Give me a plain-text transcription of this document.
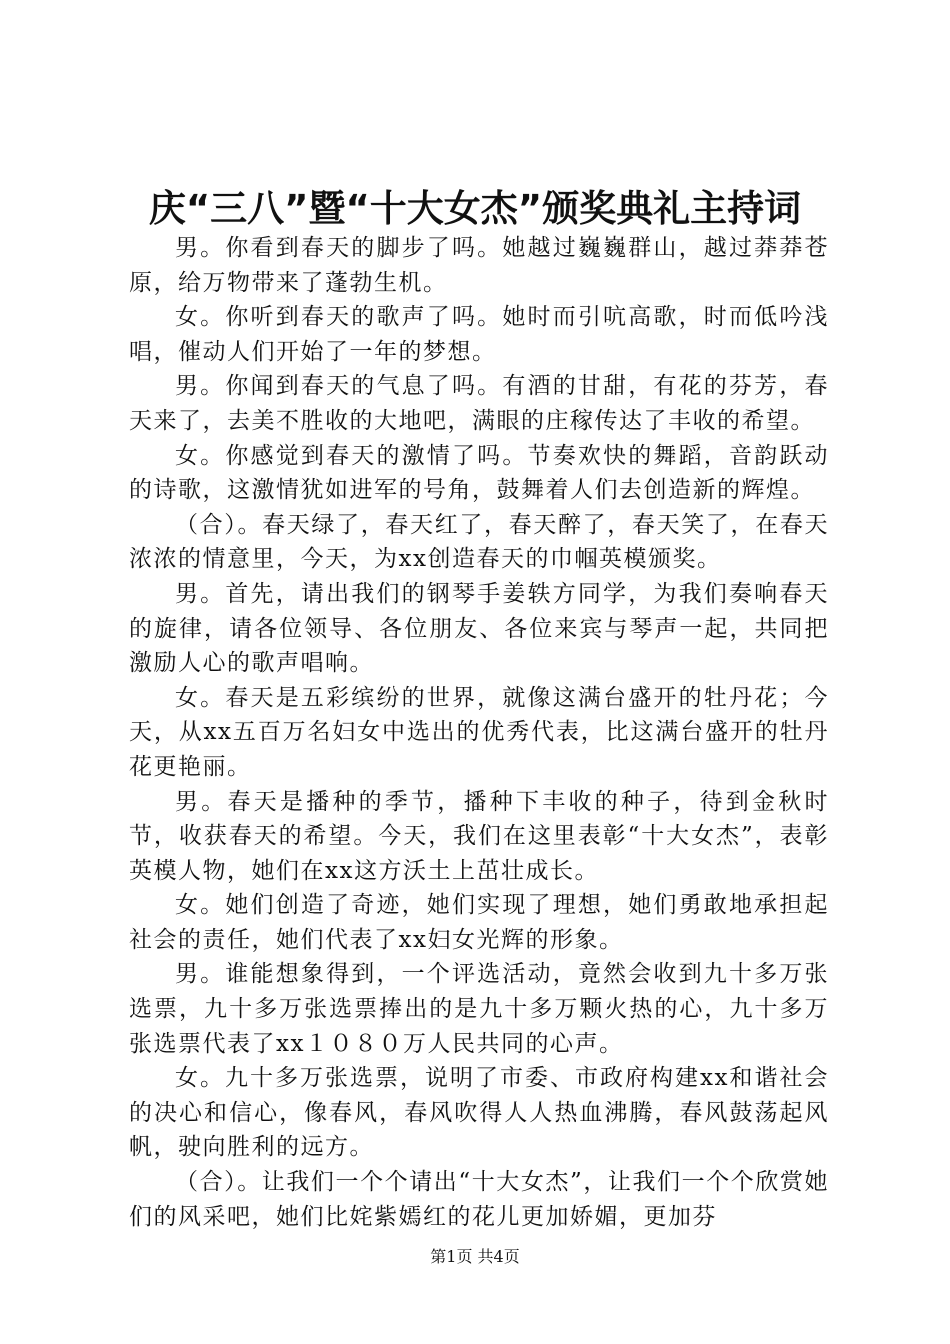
庆“三八”暨“十大女杰”颁奖典礼主持词

男。你看到春天的脚步了吗。她越过巍巍群山，越过莽莽苍原，给万物带来了蓬勃生机。

女。你听到春天的歌声了吗。她时而引吭高歌，时而低吟浅唱，催动人们开始了一年的梦想。

男。你闻到春天的气息了吗。有酒的甘甜，有花的芬芳，春天来了，去美不胜收的大地吧，满眼的庄稼传达了丰收的希望。

女。你感觉到春天的激情了吗。节奏欢快的舞蹈，音韵跃动的诗歌，这激情犹如进军的号角，鼓舞着人们去创造新的辉煌。

（合）。春天绿了，春天红了，春天醉了，春天笑了，在春天浓浓的情意里，今天，为xx创造春天的巾帼英模颁奖。

男。首先，请出我们的钢琴手姜轶方同学，为我们奏响春天的旋律，请各位领导、各位朋友、各位来宾与琴声一起，共同把激励人心的歌声唱响。

女。春天是五彩缤纷的世界，就像这满台盛开的牡丹花；今天，从xx五百万名妇女中选出的优秀代表，比这满台盛开的牡丹花更艳丽。

男。春天是播种的季节，播种下丰收的种子，待到金秋时节，收获春天的希望。今天，我们在这里表彰“十大女杰”，表彰英模人物，她们在xx这方沃土上茁壮成长。

女。她们创造了奇迹，她们实现了理想，她们勇敢地承担起社会的责任，她们代表了xx妇女光辉的形象。

男。谁能想象得到，一个评选活动，竟然会收到九十多万张选票，九十多万张选票捧出的是九十多万颗火热的心，九十多万张选票代表了xx１０８０万人民共同的心声。

女。九十多万张选票，说明了市委、市政府构建xx和谐社会的决心和信心，像春风，春风吹得人人热血沸腾，春风鼓荡起风帆，驶向胜利的远方。

（合）。让我们一个个请出“十大女杰”，让我们一个个欣赏她们的风采吧，她们比姹紫嫣红的花儿更加娇媚，更加芬

第1页 共4页
